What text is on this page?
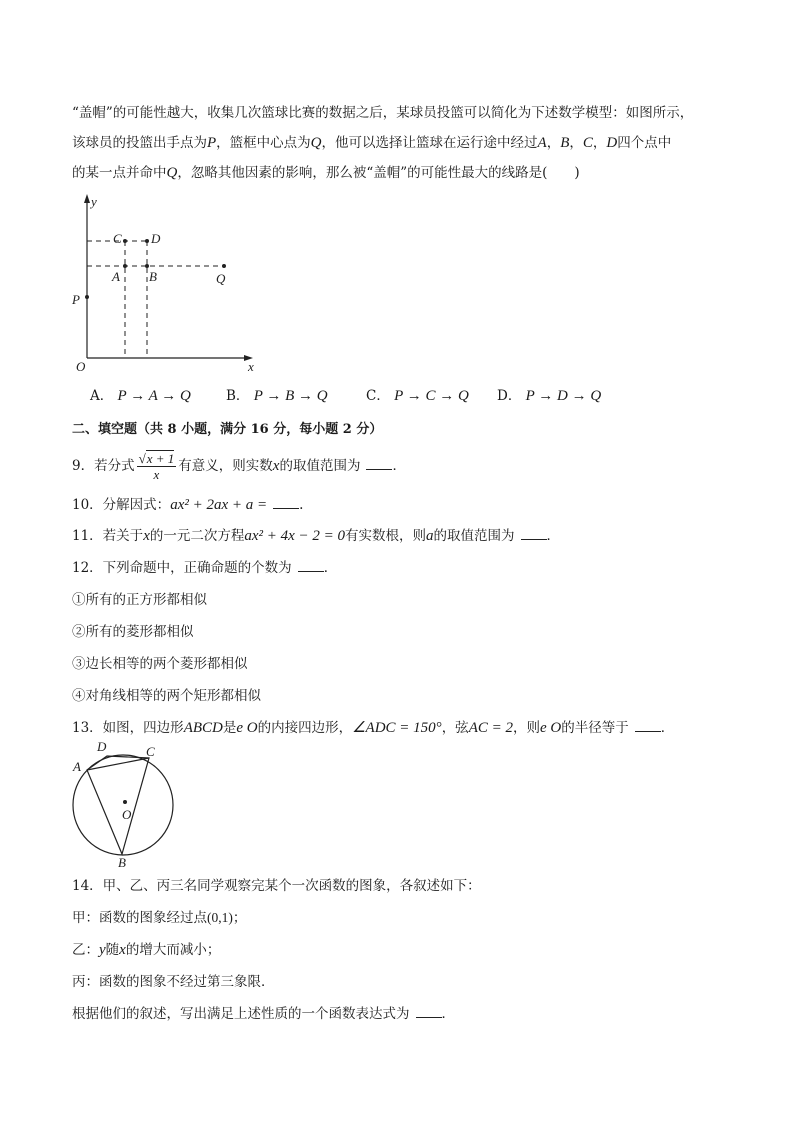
“盖帽”的可能性越大，收集几次篮球比赛的数据之后，某球员投篮可以简化为下述数学模型：如图所示，
该球员的投篮出手点为P，篮框中心点为Q，他可以选择让篮球在运行途中经过A，B，C，D四个点中
的某一点并命中Q，忽略其他因素的影响，那么被“盖帽”的可能性最大的线路是(　　)
y
x
O
P
C D
A B	Q
A． P → A → Q	B． P → B → Q	C． P → C → Q D． P → D → Q
二、填空题（共 8 小题，满分 16 分，每小题 2 分）
9．若分式 $\frac{√x + 1}{x}$ 有意义，则实数x的取值范围为 ．
10．分解因式：ax² + 2ax + a = .
11．若关于x的一元二次方程ax² + 4x − 2 = 0有实数根，则a的取值范围为 ．
12．下列命题中，正确命题的个数为 ．
①所有的正方形都相似
②所有的菱形都相似
③边长相等的两个菱形都相似
④对角线相等的两个矩形都相似
13．如图，四边形ABCD是e O的内接四边形，∠ADC = 150°，弦AC = 2，则e O的半径等于 ．
D	C
A
O
B
14．甲、乙、丙三名同学观察完某个一次函数的图象，各叙述如下：
甲：函数的图象经过点(0,1)；
乙：y随x的增大而减小；
丙：函数的图象不经过第三象限．
根据他们的叙述，写出满足上述性质的一个函数表达式为 ．
